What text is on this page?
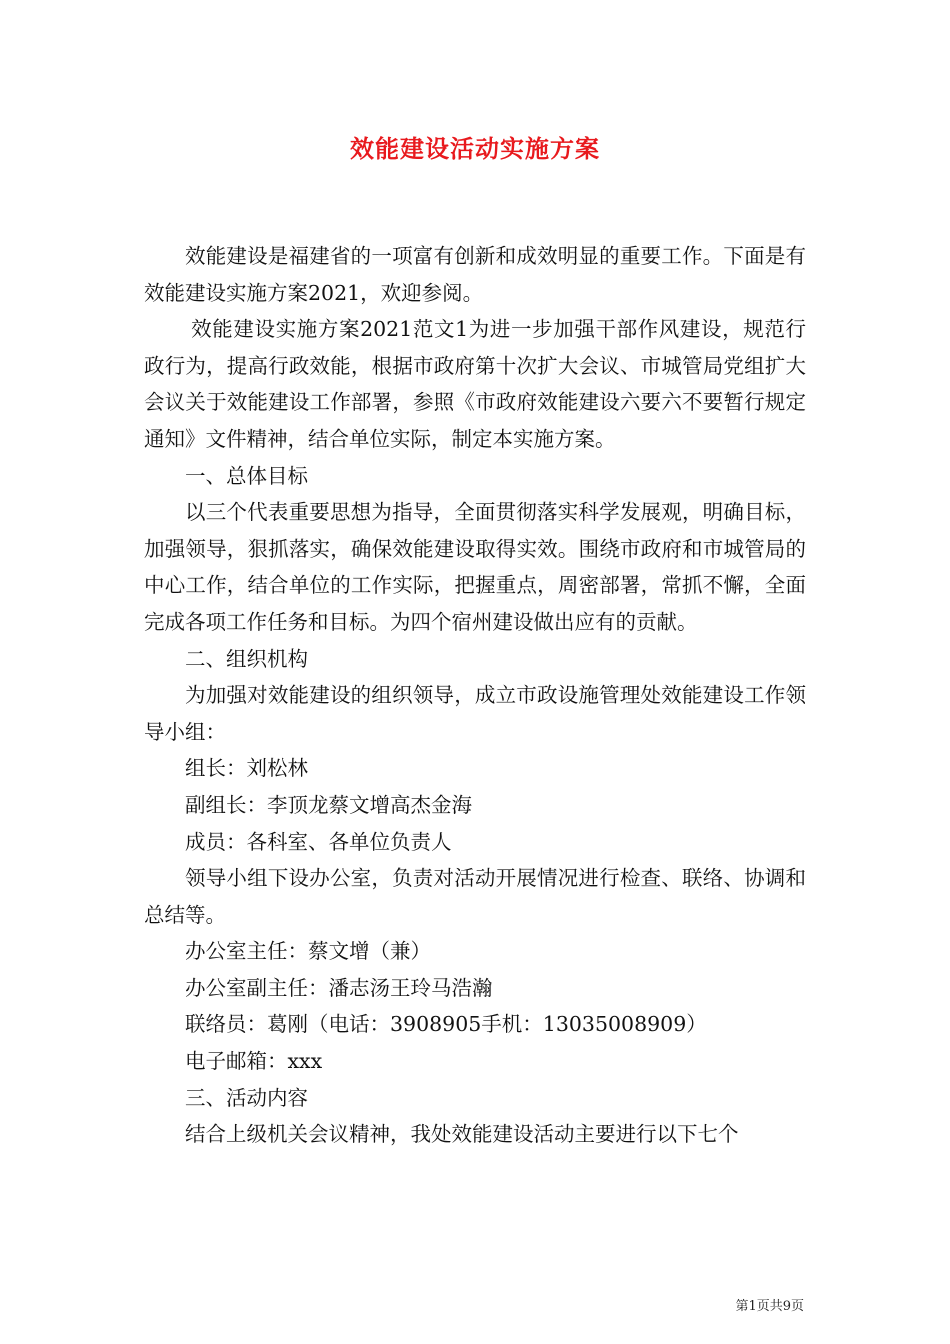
效能建设活动实施方案

效能建设是福建省的一项富有创新和成效明显的重要工作。下面是有效能建设实施方案2021，欢迎参阅。

效能建设实施方案2021范文1为进一步加强干部作风建设，规范行政行为，提高行政效能，根据市政府第十次扩大会议、市城管局党组扩大会议关于效能建设工作部署，参照《市政府效能建设六要六不要暂行规定通知》文件精神，结合单位实际，制定本实施方案。

一、总体目标

以三个代表重要思想为指导，全面贯彻落实科学发展观，明确目标，加强领导，狠抓落实，确保效能建设取得实效。围绕市政府和市城管局的中心工作，结合单位的工作实际，把握重点，周密部署，常抓不懈，全面完成各项工作任务和目标。为四个宿州建设做出应有的贡献。

二、组织机构

为加强对效能建设的组织领导，成立市政设施管理处效能建设工作领导小组：

组长：刘松林

副组长：李顶龙蔡文增高杰金海

成员：各科室、各单位负责人

领导小组下设办公室，负责对活动开展情况进行检查、联络、协调和总结等。

办公室主任：蔡文增（兼）

办公室副主任：潘志汤王玲马浩瀚

联络员：葛刚（电话：3908905手机：13035008909）

电子邮箱：xxx

三、活动内容

结合上级机关会议精神，我处效能建设活动主要进行以下七个

第1页共9页
